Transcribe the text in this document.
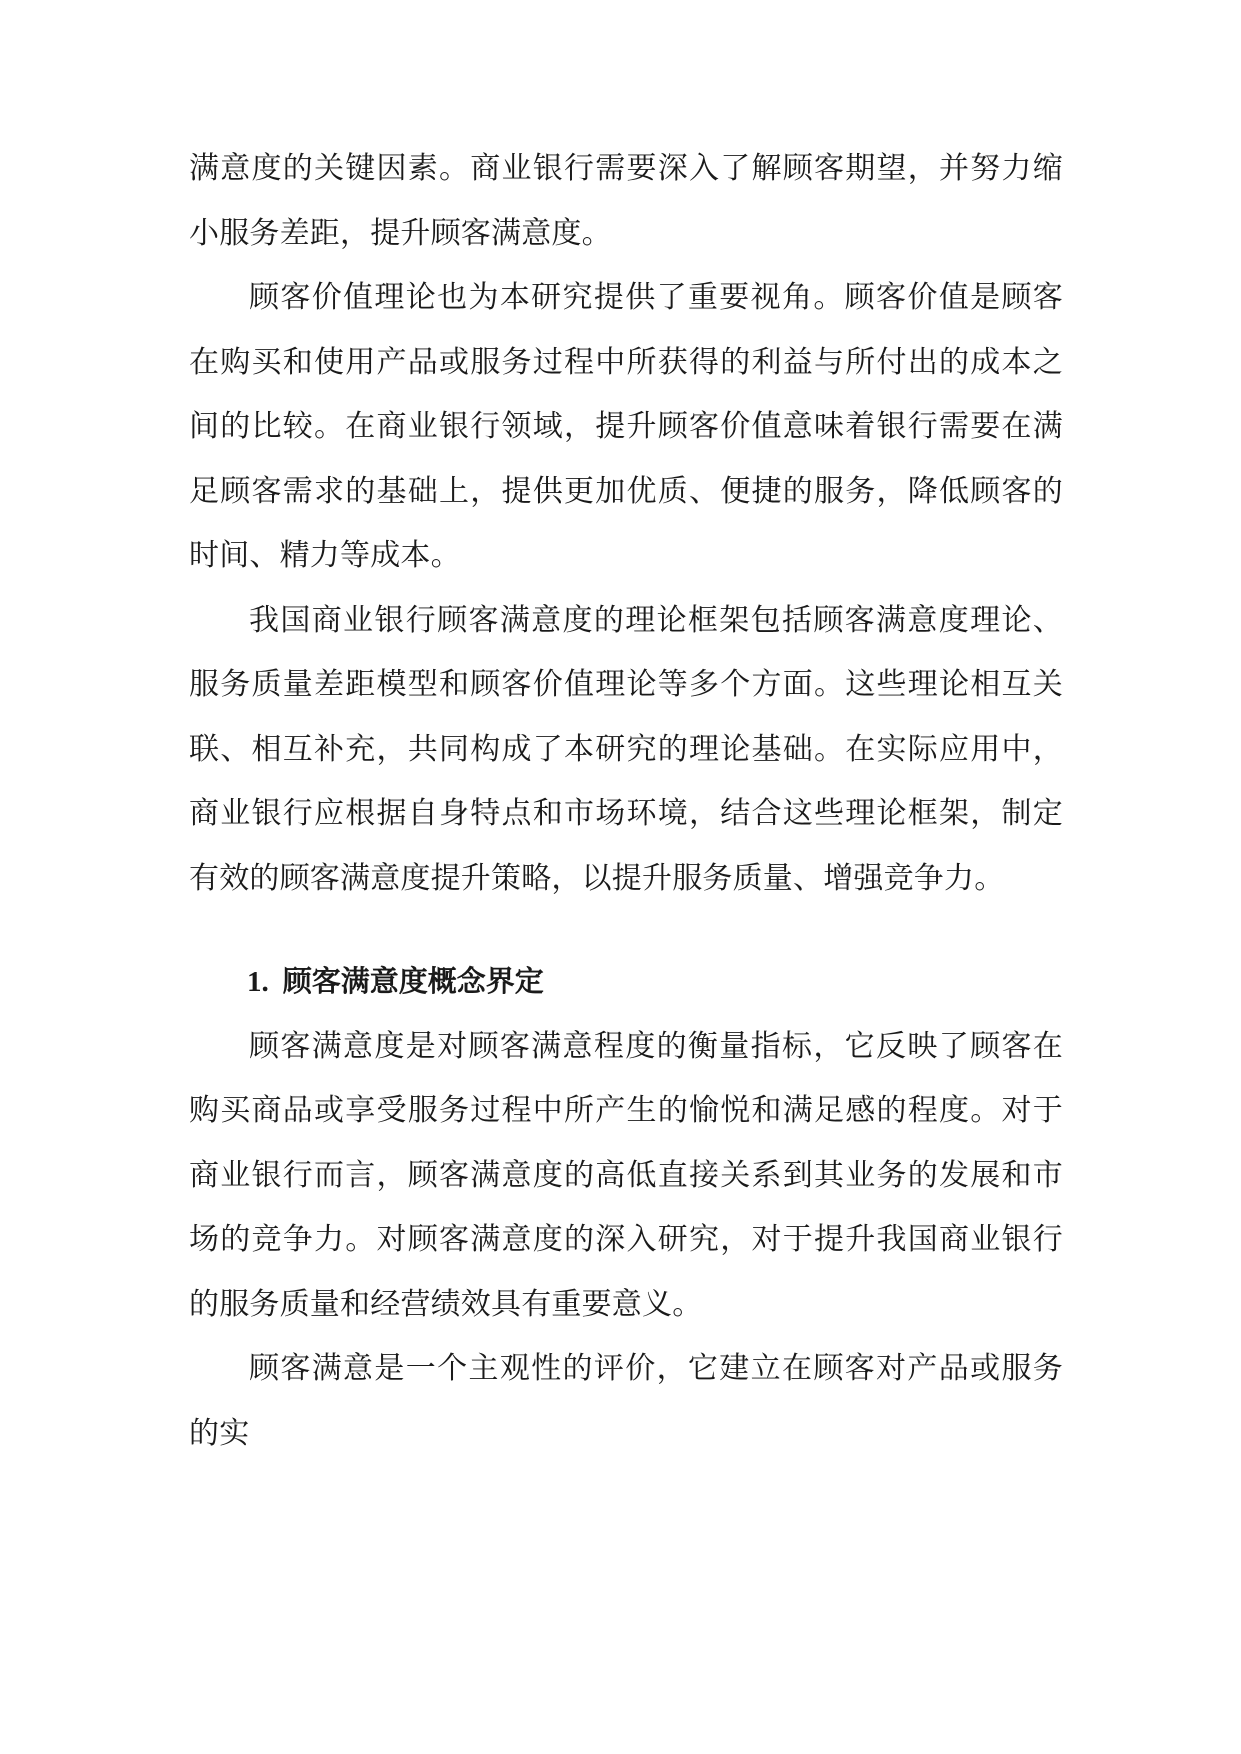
满意度的关键因素。商业银行需要深入了解顾客期望，并努力缩小服务差距，提升顾客满意度。

顾客价值理论也为本研究提供了重要视角。顾客价值是顾客在购买和使用产品或服务过程中所获得的利益与所付出的成本之间的比较。在商业银行领域，提升顾客价值意味着银行需要在满足顾客需求的基础上，提供更加优质、便捷的服务，降低顾客的时间、精力等成本。

我国商业银行顾客满意度的理论框架包括顾客满意度理论、服务质量差距模型和顾客价值理论等多个方面。这些理论相互关联、相互补充，共同构成了本研究的理论基础。在实际应用中，商业银行应根据自身特点和市场环境，结合这些理论框架，制定有效的顾客满意度提升策略，以提升服务质量、增强竞争力。

1. 顾客满意度概念界定

顾客满意度是对顾客满意程度的衡量指标，它反映了顾客在购买商品或享受服务过程中所产生的愉悦和满足感的程度。对于商业银行而言，顾客满意度的高低直接关系到其业务的发展和市场的竞争力。对顾客满意度的深入研究，对于提升我国商业银行的服务质量和经营绩效具有重要意义。

顾客满意是一个主观性的评价，它建立在顾客对产品或服务的实
